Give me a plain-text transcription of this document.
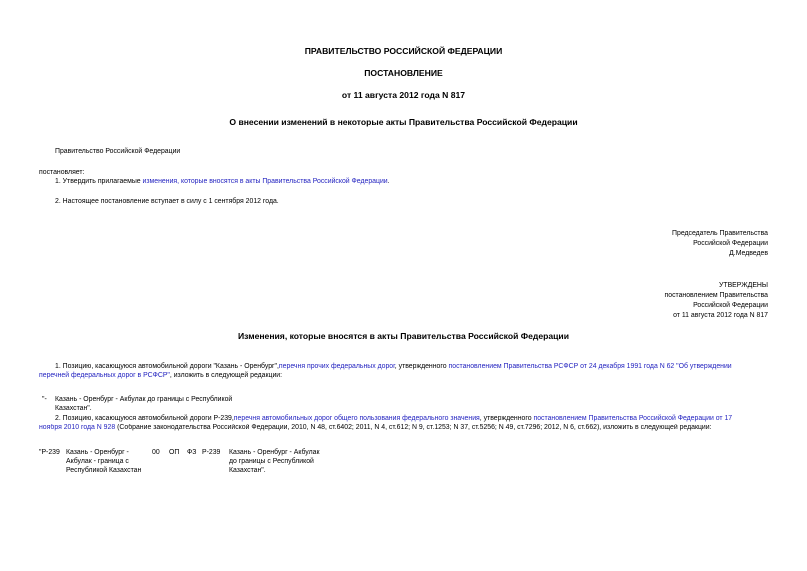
ПРАВИТЕЛЬСТВО РОССИЙСКОЙ ФЕДЕРАЦИИ
ПОСТАНОВЛЕНИЕ
от 11 августа 2012 года N 817
О внесении изменений в некоторые акты Правительства Российской Федерации
Правительство Российской Федерации
постановляет:
1. Утвердить прилагаемые изменения, которые вносятся в акты Правительства Российской Федерации.
2. Настоящее постановление вступает в силу с 1 сентября 2012 года.
Председатель Правительства
Российской Федерации
Д.Медведев
УТВЕРЖДЕНЫ
постановлением Правительства
Российской Федерации
от 11 августа 2012 года N 817
Изменения, которые вносятся в акты Правительства Российской Федерации
1. Позицию, касающуюся автомобильной дороги "Казань - Оренбург",перечня прочих федеральных дорог, утвержденного постановлением Правительства РСФСР от 24 декабря 1991 года N 62 "Об утверждении
перечней федеральных дорог в РСФСР", изложить в следующей редакции:
"- Казань - Оренбург - Акбулак до границы с Республикой
Казахстан".
2. Позицию, касающуюся автомобильной дороги Р-239,перечня автомобильных дорог общего пользования федерального значения, утвержденного постановлением Правительства Российской Федерации от 17
ноября 2010 года N 928 (Собрание законодательства Российской Федерации, 2010, N 48, ст.6402; 2011, N 4, ст.612; N 9, ст.1253; N 37, ст.5256; N 49, ст.7296; 2012, N 6, ст.662), изложить в следующей редакции:
"Р-239 Казань - Оренбург -
Акбулак - граница с
Республикой Казахстан
00 ОП ФЗ Р-239 Казань - Оренбург - Акбулак
до границы с Республикой
Казахстан".
